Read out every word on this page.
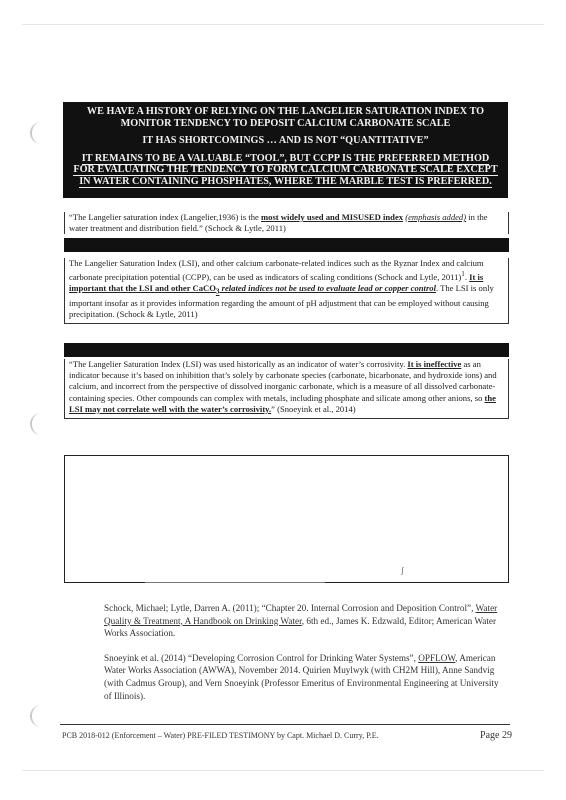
WE HAVE A HISTORY OF RELYING ON THE LANGELIER SATURATION INDEX TO MONITOR TENDENCY TO DEPOSIT CALCIUM CARBONATE SCALE

IT HAS SHORTCOMINGS … AND IS NOT “QUANTITATIVE”

IT REMAINS TO BE A VALUABLE “TOOL”, BUT CCPP IS THE PREFERRED METHOD FOR EVALUATING THE TENDENCY TO FORM CALCIUM CARBONATE SCALE EXCEPT IN WATER CONTAINING PHOSPHATES, WHERE THE MARBLE TEST IS PREFERRED.

“The Langelier saturation index (Langelier,1936) is the most widely used and MISUSED index (emphasis added) in the water treatment and distribution field.” (Schock & Lytle, 2011)
The Langelier Saturation Index (LSI), and other calcium carbonate-related indices such as the Ryznar Index and calcium carbonate precipitation potential (CCPP), can be used as indicators of scaling conditions (Schock and Lytle, 2011)$^1$. It is important that the LSI and other CaCO$_3$ related indices not be used to evaluate lead or copper control. The LSI is only important insofar as it provides information regarding the amount of pH adjustment that can be employed without causing precipitation. (Schock & Lytle, 2011)
“The Langelier Saturation Index (LSI) was used historically as an indicator of water’s corrosivity. It is ineffective as an indicator because it’s based on inhibition that’s solely by carbonate species (carbonate, bicarbonate, and hydroxide ions) and calcium, and incorrect from the perspective of dissolved inorganic carbonate, which is a measure of all dissolved carbonate-containing species. Other compounds can complex with metals, including phosphate and silicate among other anions, so the LSI may not correlate well with the water’s corrosivity.” (Snoeyink et al., 2014)
ʃ

Schock, Michael; Lytle, Darren A. (2011); “Chapter 20. Internal Corrosion and Deposition Control”, Water Quality & Treatment, A Handbook on Drinking Water, 6th ed., James K. Edzwald, Editor; American Water Works Association.

Snoeyink et al. (2014) “Developing Corrosion Control for Drinking Water Systems”, OPFLOW, American Water Works Association (AWWA), November 2014. Quirien Muylwyk (with CH2M Hill), Anne Sandvig (with Cadmus Group), and Vern Snoeyink (Professor Emeritus of Environmental Engineering at University of Illinois).

PCB 2018-012 (Enforcement – Water) PRE-FILED TESTIMONY by Capt. Michael D. Curry, P.E.	Page 29
